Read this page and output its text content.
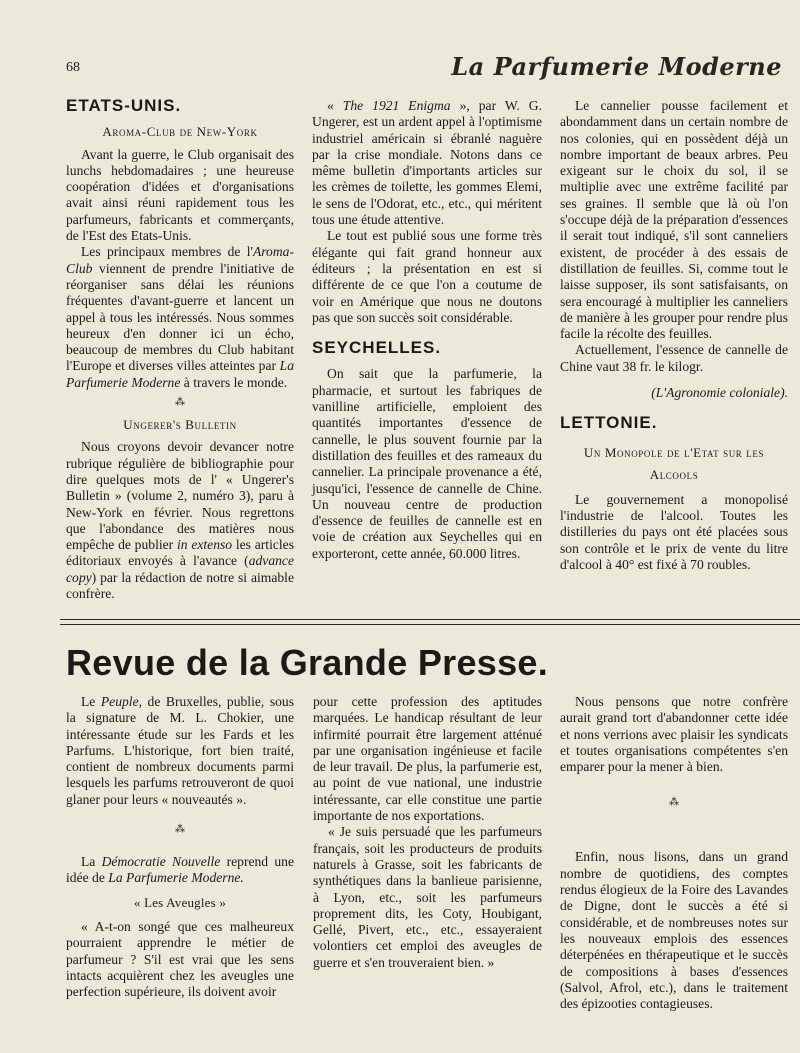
68	La Parfumerie Moderne
ETATS-UNIS.
Aroma-Club de New-York

Avant la guerre, le Club organisait des lunchs hebdomadaires ; une heureuse coopération d'idées et d'organisations avait ainsi réuni rapidement tous les parfumeurs, fabricants et commerçants, de l'Est des Etats-Unis.

Les principaux membres de l'Aroma-Club viennent de prendre l'initiative de réorganiser sans délai les réunions fréquentes d'avant-guerre et lancent un appel à tous les intéressés. Nous sommes heureux d'en donner ici un écho, beaucoup de membres du Club habitant l'Europe et diverses villes atteintes par La Parfumerie Moderne à travers le monde.

⁂
Ungerer's Bulletin

Nous croyons devoir devancer notre rubrique régulière de bibliographie pour dire quelques mots de l' « Ungerer's Bulletin » (volume 2, numéro 3), paru à New-York en février. Nous regrettons que l'abondance des matières nous empêche de publier in extenso les articles éditoriaux envoyés à l'avance (advance copy) par la rédaction de notre si aimable confrère.

« The 1921 Enigma », par W. G. Ungerer, est un ardent appel à l'optimisme industriel américain si ébranlé naguère par la crise mondiale. Notons dans ce même bulletin d'importants articles sur les crèmes de toilette, les gommes Elemi, le sens de l'Odorat, etc., etc., qui méritent tous une étude attentive.

Le tout est publié sous une forme très élégante qui fait grand honneur aux éditeurs ; la présentation en est si différente de ce que l'on a coutume de voir en Amérique que nous ne doutons pas que son succès soit considérable.

SEYCHELLES.

On sait que la parfumerie, la pharmacie, et surtout les fabriques de vanilline artificielle, emploient des quantités importantes d'essence de cannelle, le plus souvent fournie par la distillation des feuilles et des rameaux du cannelier. La principale provenance a été, jusqu'ici, l'essence de cannelle de Chine. Un nouveau centre de production d'essence de feuilles de cannelle est en voie de création aux Seychelles qui en exporteront, cette année, 60.000 litres.

Le cannelier pousse facilement et abondamment dans un certain nombre de nos colonies, qui en possèdent déjà un nombre important de beaux arbres. Peu exigeant sur le choix du sol, il se multiplie avec une extrême facilité par ses graines. Il semble que là où l'on s'occupe déjà de la préparation d'essences il serait tout indiqué, s'il sont canneliers existent, de procéder à des essais de distillation de feuilles. Si, comme tout le laisse supposer, ils sont satisfaisants, on sera encouragé à multiplier les canneliers de manière à les grouper pour rendre plus facile la récolte des feuilles.

Actuellement, l'essence de cannelle de Chine vaut 38 fr. le kilogr.

(L'Agronomie coloniale).

LETTONIE.
Un Monopole de l'Etat sur les Alcools

Le gouvernement a monopolisé l'industrie de l'alcool. Toutes les distilleries du pays ont été placées sous son contrôle et le prix de vente du litre d'alcool à 40° est fixé à 70 roubles.

Revue de la Grande Presse.

Le Peuple, de Bruxelles, publie, sous la signature de M. L. Chokier, une intéressante étude sur les Fards et les Parfums. L'historique, fort bien traité, contient de nombreux documents parmi lesquels les parfums retrouveront de quoi glaner pour leurs « nouveautés ».

⁂

La Démocratie Nouvelle reprend une idée de La Parfumerie Moderne.

« Les Aveugles »

« A-t-on songé que ces malheureux pourraient apprendre le métier de parfumeur ? S'il est vrai que les sens intacts acquièrent chez les aveugles une perfection supérieure, ils doivent avoir

pour cette profession des aptitudes marquées. Le handicap résultant de leur infirmité pourrait être largement atténué par une organisation ingénieuse et facile de leur travail. De plus, la parfumerie est, au point de vue national, une industrie intéressante, car elle constitue une partie importante de nos exportations.

« Je suis persuadé que les parfumeurs français, soit les producteurs de produits naturels à Grasse, soit les fabricants de synthétiques dans la banlieue parisienne, à Lyon, etc., soit les parfumeurs proprement dits, les Coty, Houbigant, Gellé, Pivert, etc., etc., essayeraient volontiers cet emploi des aveugles de guerre et s'en trouveraient bien. »

Nous pensons que notre confrère aurait grand tort d'abandonner cette idée et nons verrions avec plaisir les syndicats et toutes organisations compétentes s'en emparer pour la mener à bien.

⁂

Enfin, nous lisons, dans un grand nombre de quotidiens, des comptes rendus élogieux de la Foire des Lavandes de Digne, dont le succès a été si considérable, et de nombreuses notes sur les nouveaux emplois des essences déterpénées en thérapeutique et le succès de compositions à bases d'essences (Salvol, Afrol, etc.), dans le traitement des épizooties contagieuses.
